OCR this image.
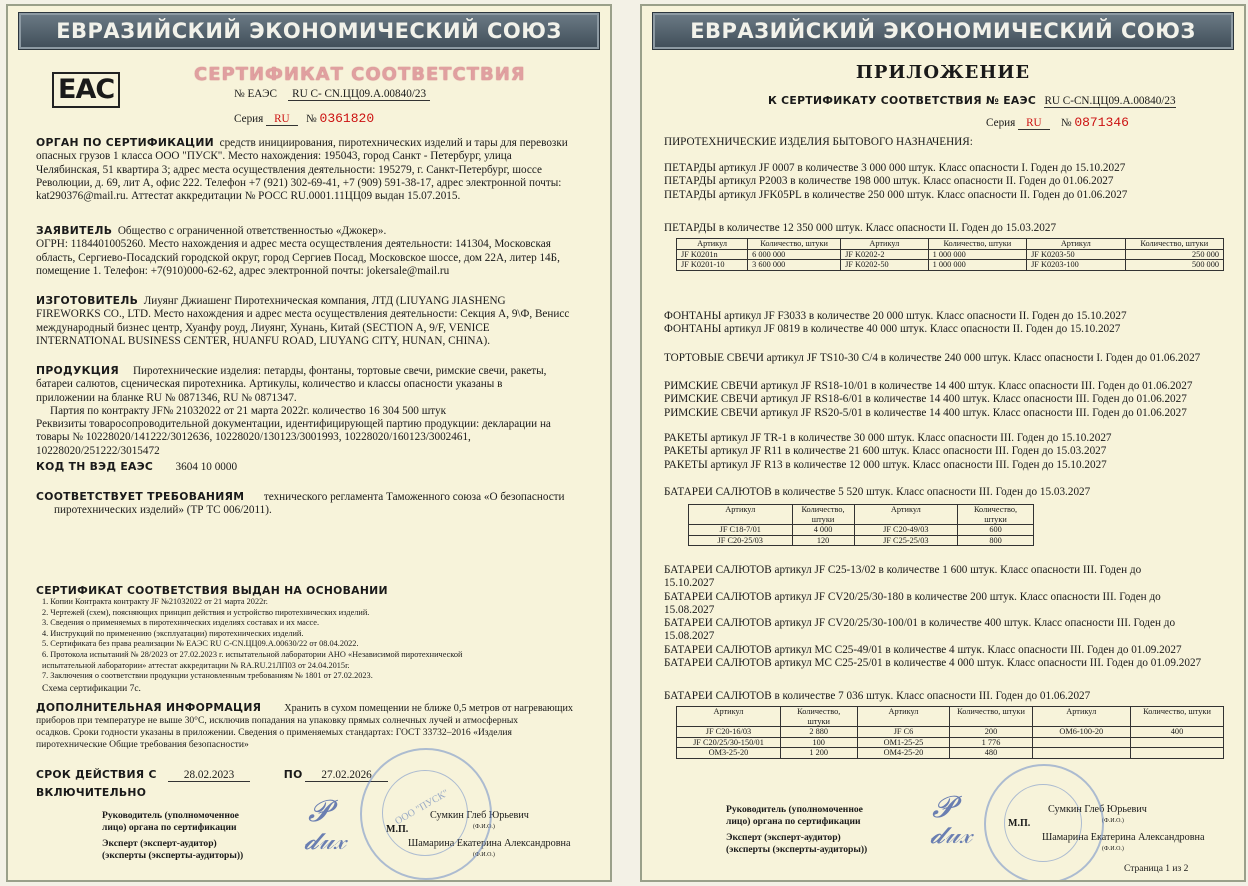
ЕВРАЗИЙСКИЙ ЭКОНОМИЧЕСКИЙ СОЮЗ
EAC	СЕРТИФИКАТ СООТВЕТСТВИЯ
№ ЕАЭС RU С- CN.ЦЦ09.А.00840/23
Серия RU № 0361820
ОРГАН ПО СЕРТИФИКАЦИИ средств инициирования, пиротехнических изделий и тары для перевозки
опасных грузов 1 класса ООО "ПУСК". Место нахождения: 195043, город Санкт - Петербург, улица
Челябинская, 51 квартира 3; адрес места осуществления деятельности: 195279, г. Санкт-Петербург, шоссе
Революции, д. 69, лит А, офис 222. Телефон +7 (921) 302-69-41, +7 (909) 591-38-17, адрес электронной почты:
kat290376@mail.ru. Аттестат аккредитации № РОСС RU.0001.11ЦЦ09 выдан 15.07.2015.
ЗАЯВИТЕЛЬ Общество с ограниченной ответственностью «Джокер».
ОГРН: 1184401005260. Место нахождения и адрес места осуществления деятельности: 141304, Московская
область, Сергиево-Посадский городской округ, город Сергиев Посад, Московское шоссе, дом 22А, литер 14Б,
помещение 1. Телефон: +7(910)000-62-62, адрес электронной почты: jokersale@mail.ru
ИЗГОТОВИТЕЛЬ Лиуянг Джиашенг Пиротехническая компания, ЛТД (LIUYANG JIASHENG
FIREWORKS CO., LTD. Место нахождения и адрес места осуществления деятельности: Секция А, 9\Ф, Венисс
международный бизнес центр, Хуанфу роуд, Лиуянг, Хунань, Китай (SECTION A, 9/F, VENICE
INTERNATIONAL BUSINESS CENTER, HUANFU ROAD, LIUYANG CITY, HUNAN, CHINA).
ПРОДУКЦИЯ Пиротехнические изделия: петарды, фонтаны, тортовые свечи, римские свечи, ракеты,
батареи салютов, сценическая пиротехника. Артикулы, количество и классы опасности указаны в
приложении на бланке RU № 0871346, RU № 0871347.
Партия по контракту JF№ 21032022 от 21 марта 2022г. количество 16 304 500 штук
Реквизиты товаросопроводительной документации, идентифицирующей партию продукции: декларации на
товары № 10228020/141222/3012636, 10228020/130123/3001993, 10228020/160123/3002461,
10228020/251222/3015472
КОД ТН ВЭД ЕАЭС 3604 10 0000
СООТВЕТСТВУЕТ ТРЕБОВАНИЯМ технического регламента Таможенного союза «О безопасности
пиротехнических изделий» (ТР ТС 006/2011).
СЕРТИФИКАТ СООТВЕТСТВИЯ ВЫДАН НА ОСНОВАНИИ
1. Копии Контракта контракту JF №21032022 от 21 марта 2022г.
2. Чертежей (схем), поясняющих принцип действия и устройство пиротехнических изделий.
3. Сведения о применяемых в пиротехнических изделиях составах и их массе.
4. Инструкций по применению (эксплуатации) пиротехнических изделий.
5. Сертификата без права реализации № ЕАЭС RU С-CN.ЦЦ09.А.00630/22 от 08.04.2022.
6. Протокола испытаний № 28/2023 от 27.02.2023 г. испытательной лаборатории АНО «Независимой пиротехнической
испытательной лаборатории» аттестат аккредитации № RA.RU.21ЛП03 от 24.04.2015г.
7. Заключения о соответствии продукции установленным требованиям № 1801 от 27.02.2023.
Схема сертификации 7с.
ДОПОЛНИТЕЛЬНАЯ ИНФОРМАЦИЯ Хранить в сухом помещении не ближе 0,5 метров от нагревающих
приборов при температуре не выше 30°С, исключив попадания на упаковку прямых солнечных лучей и атмосферных
осадков. Сроки годности указаны в приложении. Сведения о применяемых стандартах: ГОСТ 33732–2016 «Изделия
пиротехнические Общие требования безопасности»
СРОК ДЕЙСТВИЯ С 28.02.2023	ПО 27.02.2026
ВКЛЮЧИТЕЛЬНО
Руководитель (уполномоченное
лицо) органа по сертификации
Сумкин Глеб Юрьевич
М.П.	(Ф.И.О.)
Эксперт (эксперт-аудитор)
(эксперты (эксперты-аудиторы))
Шамарина Екатерина Александровна
(Ф.И.О.)
𝓟
𝓭𝓊𝓍
ООО "ПУСК"
ЕВРАЗИЙСКИЙ ЭКОНОМИЧЕСКИЙ СОЮЗ
ПРИЛОЖЕНИЕ
К СЕРТИФИКАТУ СООТВЕТСТВИЯ № ЕАЭС RU С-CN.ЦЦ09.А.00840/23
Серия RU № 0871346
ПИРОТЕХНИЧЕСКИЕ ИЗДЕЛИЯ БЫТОВОГО НАЗНАЧЕНИЯ:
ПЕТАРДЫ артикул JF 0007 в количестве 3 000 000 штук. Класс опасности I. Годен до 15.10.2027
ПЕТАРДЫ артикул P2003 в количестве 198 000 штук. Класс опасности II. Годен до 01.06.2027
ПЕТАРДЫ артикул JFK05PL в количестве 250 000 штук. Класс опасности II. Годен до 01.06.2027
ПЕТАРДЫ в количестве 12 350 000 штук. Класс опасности II. Годен до 15.03.2027
Артикул	Количество, штуки	Артикул	Количество, штуки	Артикул	Количество, штуки
JF K0201n	6 000 000	JF K0202-2	1 000 000	JF K0203-50	250 000
JF K0201-10	3 600 000	JF K0202-50	1 000 000	JF K0203-100	500 000
ФОНТАНЫ артикул JF F3033 в количестве 20 000 штук. Класс опасности II. Годен до 15.10.2027
ФОНТАНЫ артикул JF 0819 в количестве 40 000 штук. Класс опасности II. Годен до 15.10.2027
ТОРТОВЫЕ СВЕЧИ артикул JF TS10-30 C/4 в количестве 240 000 штук. Класс опасности I. Годен до 01.06.2027
РИМСКИЕ СВЕЧИ артикул JF RS18-10/01 в количестве 14 400 штук. Класс опасности III. Годен до 01.06.2027
РИМСКИЕ СВЕЧИ артикул JF RS18-6/01 в количестве 14 400 штук. Класс опасности III. Годен до 01.06.2027
РИМСКИЕ СВЕЧИ артикул JF RS20-5/01 в количестве 14 400 штук. Класс опасности III. Годен до 01.06.2027
РАКЕТЫ артикул JF TR-1 в количестве 30 000 штук. Класс опасности III. Годен до 15.10.2027
РАКЕТЫ артикул JF R11 в количестве 21 600 штук. Класс опасности III. Годен до 15.03.2027
РАКЕТЫ артикул JF R13 в количестве 12 000 штук. Класс опасности III. Годен до 15.10.2027
БАТАРЕИ САЛЮТОВ в количестве 5 520 штук. Класс опасности III. Годен до 15.03.2027
Артикул	Количество, штуки	Артикул	Количество, штуки
JF C18-7/01	4 000	JF C20-49/03	600
JF C20-25/03	120	JF C25-25/03	800
БАТАРЕИ САЛЮТОВ артикул JF C25-13/02 в количестве 1 600 штук. Класс опасности III. Годен до
15.10.2027
БАТАРЕИ САЛЮТОВ артикул JF CV20/25/30-180 в количестве 200 штук. Класс опасности III. Годен до
15.08.2027
БАТАРЕИ САЛЮТОВ артикул JF CV20/25/30-100/01 в количестве 400 штук. Класс опасности III. Годен до
15.08.2027
БАТАРЕИ САЛЮТОВ артикул MC C25-49/01 в количестве 4 штук. Класс опасности III. Годен до 01.09.2027
БАТАРЕИ САЛЮТОВ артикул MC C25-25/01 в количестве 4 000 штук. Класс опасности III. Годен до 01.09.2027
БАТАРЕИ САЛЮТОВ в количестве 7 036 штук. Класс опасности III. Годен до 01.06.2027
Артикул	Количество, штуки	Артикул	Количество, штуки	Артикул	Количество, штуки
JF C20-16/03	2 880	JF C6	200	OM6-100-20	400
JF C20/25/30-150/01	100	OM1-25-25	1 776		
OM3-25-20	1 200	OM4-25-20	480		
Руководитель (уполномоченное
лицо) органа по сертификации
Сумкин Глеб Юрьевич
М.П.	(Ф.И.О.)
Эксперт (эксперт-аудитор)
(эксперты (эксперты-аудиторы))
Шамарина Екатерина Александровна
(Ф.И.О.)
𝓟
𝓭𝓊𝓍
Страница 1 из 2
